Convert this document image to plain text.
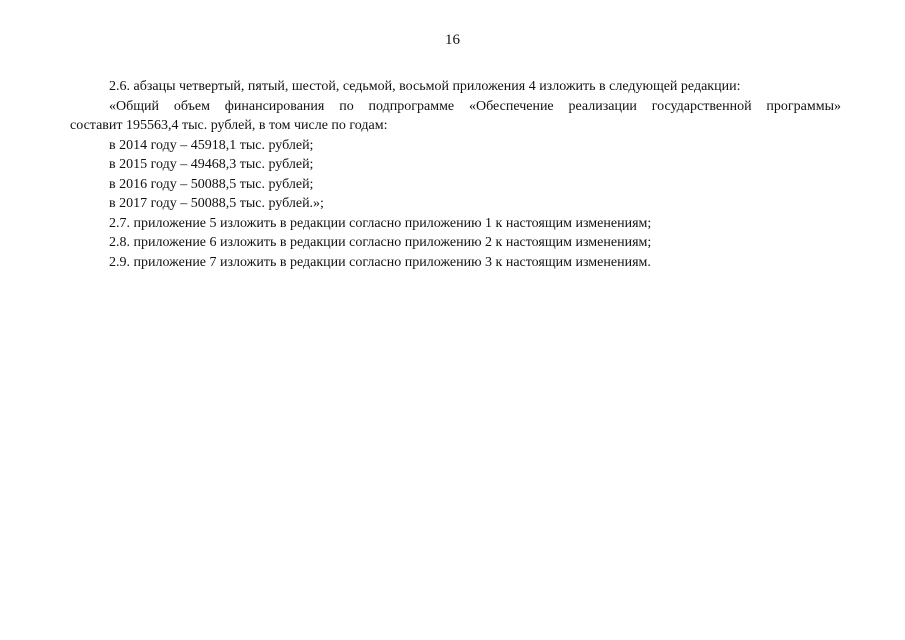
16

2.6. абзацы четвертый, пятый, шестой, седьмой, восьмой приложения 4 изложить в следующей редакции:

«Общий объем финансирования по подпрограмме «Обеспечение реализации государственной программы»
составит 195563,4 тыс. рублей, в том числе по годам:

в 2014 году – 45918,1 тыс. рублей;

в 2015 году – 49468,3 тыс. рублей;

в 2016 году – 50088,5 тыс. рублей;

в 2017 году – 50088,5 тыс. рублей.»;

2.7. приложение 5 изложить в редакции согласно приложению 1 к настоящим изменениям;

2.8. приложение 6 изложить в редакции согласно приложению 2 к настоящим изменениям;

2.9. приложение 7 изложить в редакции согласно приложению 3 к настоящим изменениям.
